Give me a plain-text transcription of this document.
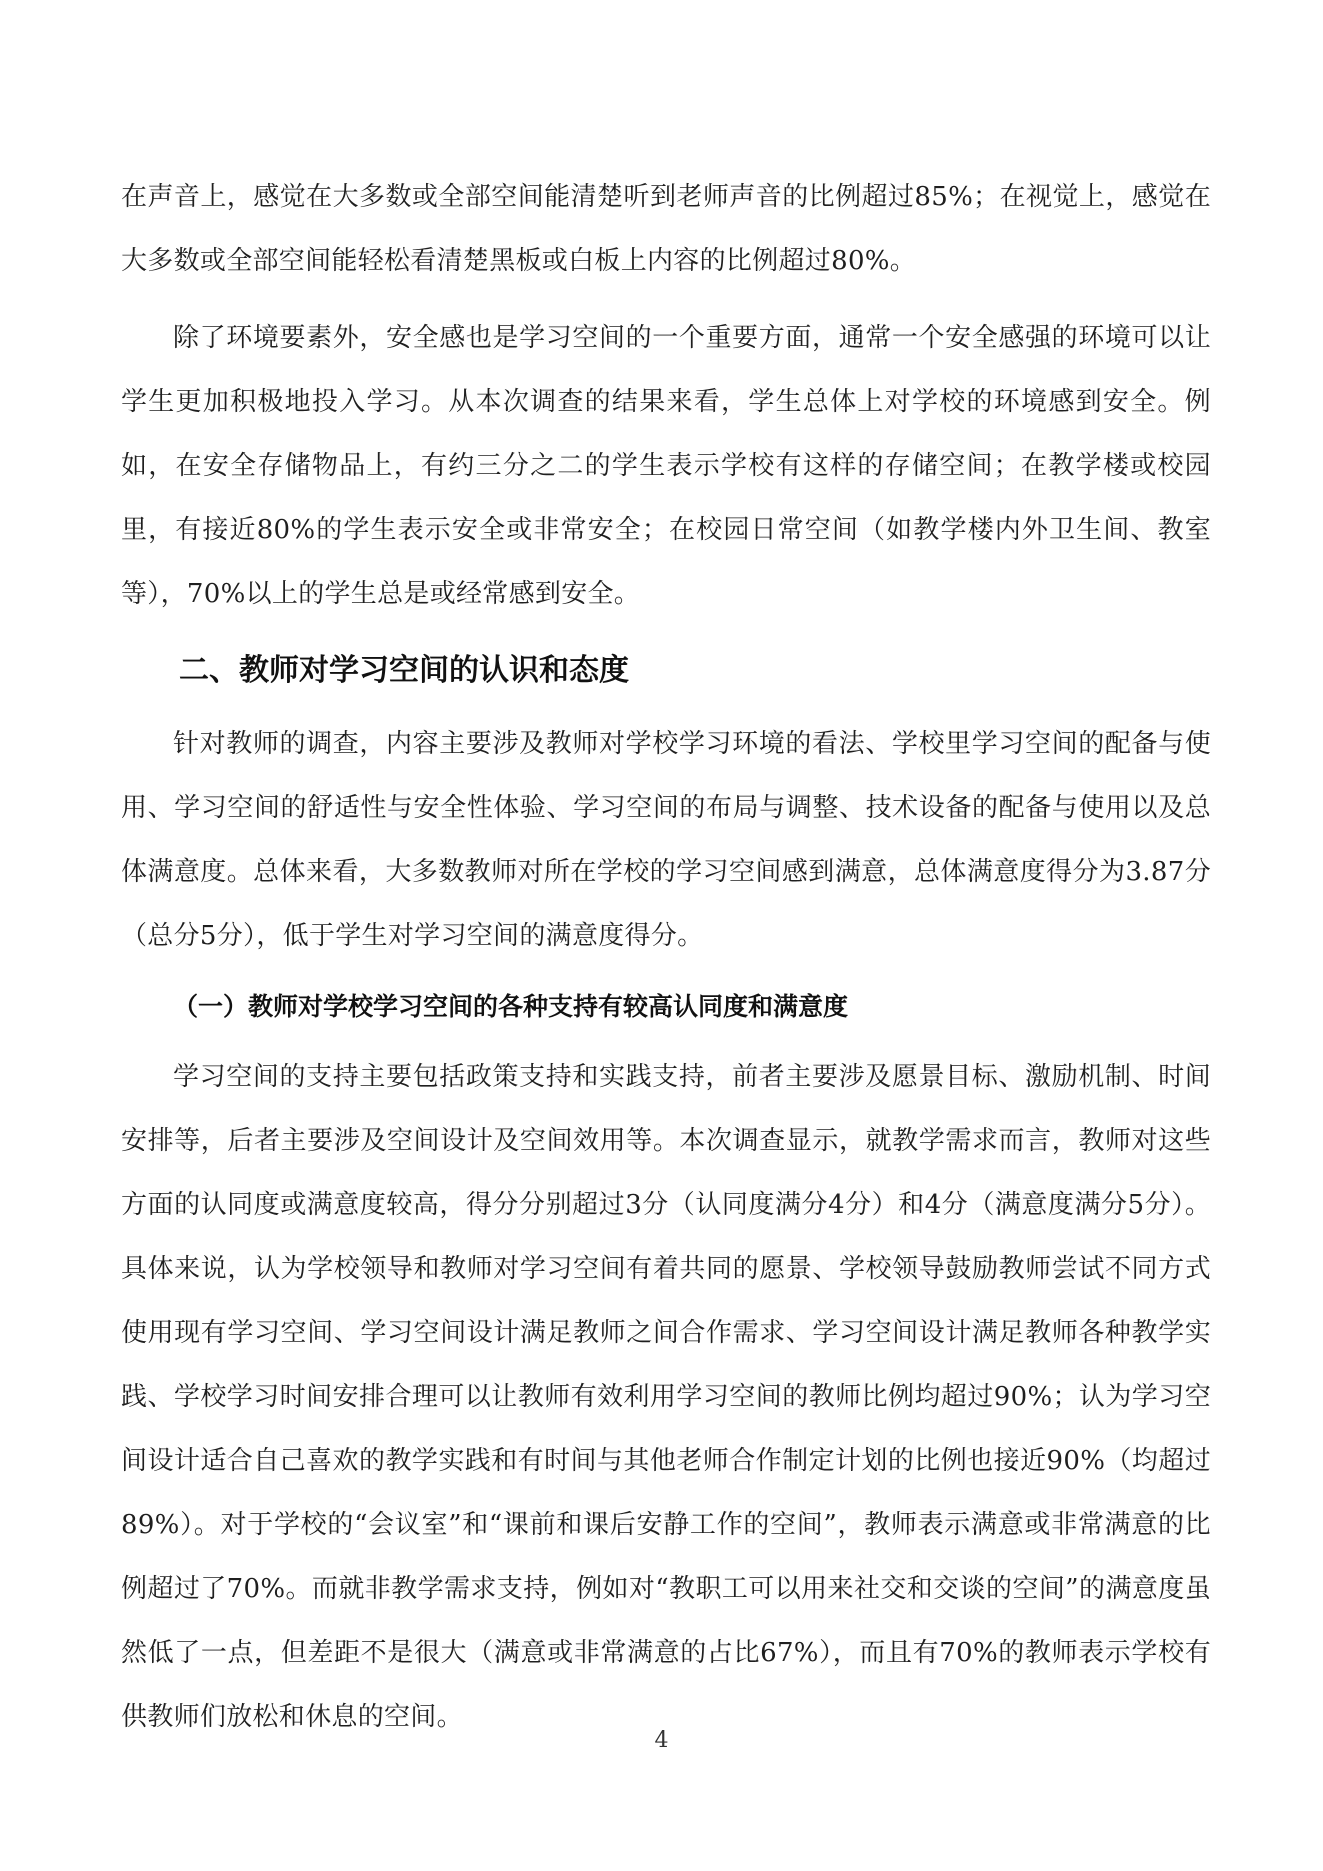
在声音上，感觉在大多数或全部空间能清楚听到老师声音的比例超过85%；在视觉上，感觉在大多数或全部空间能轻松看清楚黑板或白板上内容的比例超过80%。

除了环境要素外，安全感也是学习空间的一个重要方面，通常一个安全感强的环境可以让学生更加积极地投入学习。从本次调查的结果来看，学生总体上对学校的环境感到安全。例如，在安全存储物品上，有约三分之二的学生表示学校有这样的存储空间；在教学楼或校园里，有接近80%的学生表示安全或非常安全；在校园日常空间（如教学楼内外卫生间、教室等），70%以上的学生总是或经常感到安全。

二、教师对学习空间的认识和态度

针对教师的调查，内容主要涉及教师对学校学习环境的看法、学校里学习空间的配备与使用、学习空间的舒适性与安全性体验、学习空间的布局与调整、技术设备的配备与使用以及总体满意度。总体来看，大多数教师对所在学校的学习空间感到满意，总体满意度得分为3.87分（总分5分），低于学生对学习空间的满意度得分。

（一）教师对学校学习空间的各种支持有较高认同度和满意度

学习空间的支持主要包括政策支持和实践支持，前者主要涉及愿景目标、激励机制、时间安排等，后者主要涉及空间设计及空间效用等。本次调查显示，就教学需求而言，教师对这些方面的认同度或满意度较高，得分分别超过3分（认同度满分4分）和4分（满意度满分5分）。具体来说，认为学校领导和教师对学习空间有着共同的愿景、学校领导鼓励教师尝试不同方式使用现有学习空间、学习空间设计满足教师之间合作需求、学习空间设计满足教师各种教学实践、学校学习时间安排合理可以让教师有效利用学习空间的教师比例均超过90%；认为学习空间设计适合自己喜欢的教学实践和有时间与其他老师合作制定计划的比例也接近90%（均超过89%）。对于学校的“会议室”和“课前和课后安静工作的空间”，教师表示满意或非常满意的比例超过了70%。而就非教学需求支持，例如对“教职工可以用来社交和交谈的空间”的满意度虽然低了一点，但差距不是很大（满意或非常满意的占比67%），而且有70%的教师表示学校有供教师们放松和休息的空间。

4
